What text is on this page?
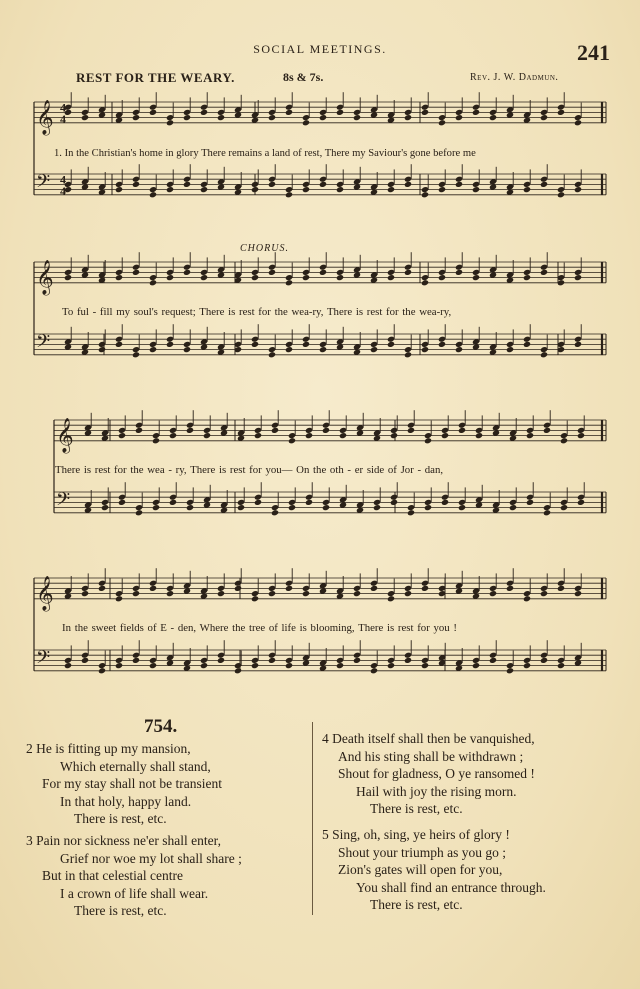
SOCIAL MEETINGS.	241
REST FOR THE WEARY.	8s & 7s.	Rev. J. W. Dadmun.
𝄞
𝄢
𝄞
𝄢
𝄞
𝄢
𝄞
𝄢
4
4
4
4
CHORUS.
1. In the Christian's home in glory There remains a land of rest, There my Saviour's gone before me
To ful - fill my soul's request; There is rest for the wea-ry, There is rest for the wea-ry,
There is rest for the wea - ry, There is rest for you— On the oth - er side of Jor - dan,
In the sweet fields of E - den, Where the tree of life is blooming, There is rest for you !
754.
2 He is fitting up my mansion,
Which eternally shall stand,
For my stay shall not be transient
In that holy, happy land.
There is rest, etc.
3 Pain nor sickness ne'er shall enter,
Grief nor woe my lot shall share ;
But in that celestial centre
I a crown of life shall wear.
There is rest, etc.
4 Death itself shall then be vanquished,
And his sting shall be withdrawn ;
Shout for gladness, O ye ransomed !
Hail with joy the rising morn.
There is rest, etc.
5 Sing, oh, sing, ye heirs of glory !
Shout your triumph as you go ;
Zion's gates will open for you,
You shall find an entrance through.
There is rest, etc.
